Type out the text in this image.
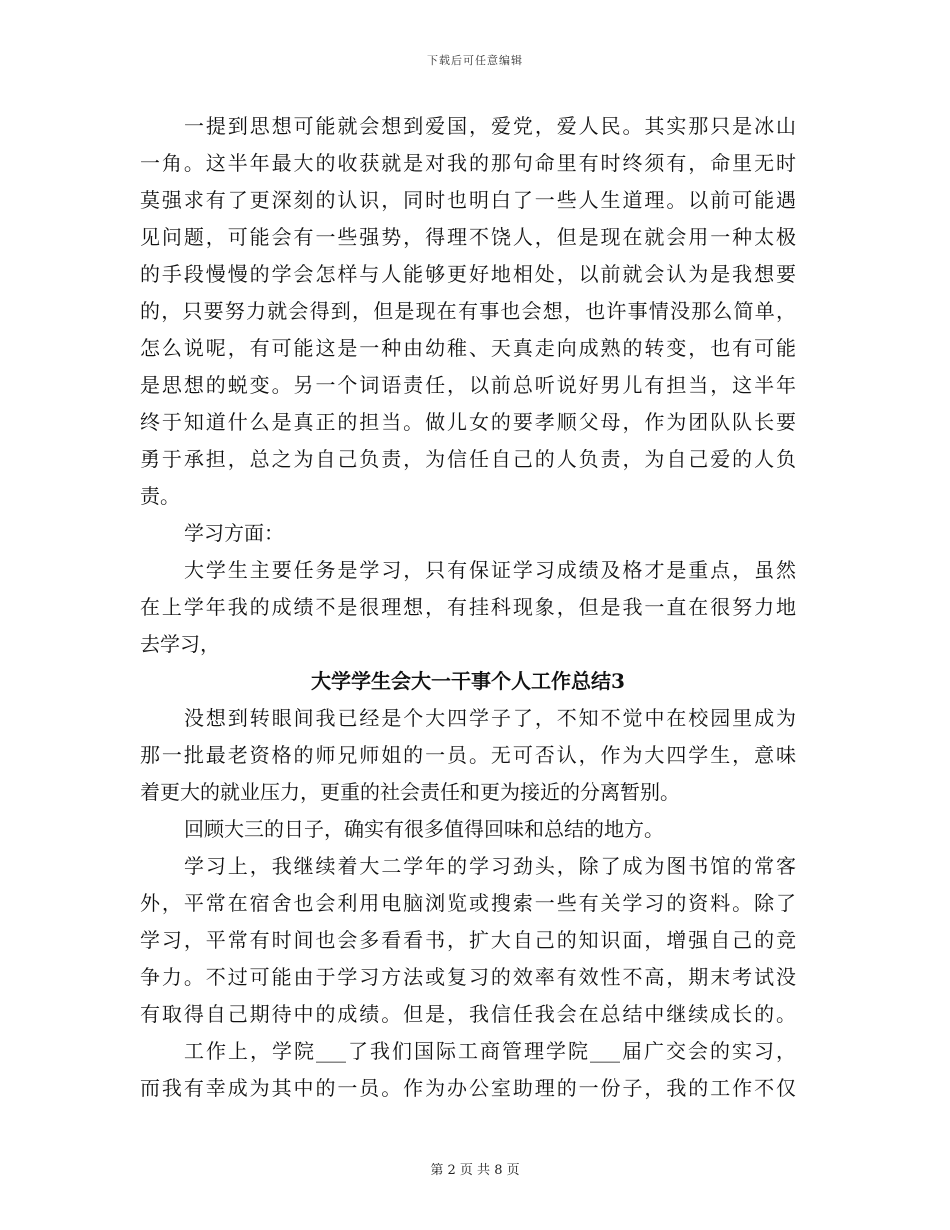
下载后可任意编辑
一提到思想可能就会想到爱国，爱党，爱人民。其实那只是冰山
一角。这半年最大的收获就是对我的那句命里有时终须有，命里无时
莫强求有了更深刻的认识，同时也明白了一些人生道理。以前可能遇
见问题，可能会有一些强势，得理不饶人，但是现在就会用一种太极
的手段慢慢的学会怎样与人能够更好地相处，以前就会认为是我想要
的，只要努力就会得到，但是现在有事也会想，也许事情没那么简单，
怎么说呢，有可能这是一种由幼稚、天真走向成熟的转变，也有可能
是思想的蜕变。另一个词语责任，以前总听说好男儿有担当，这半年
终于知道什么是真正的担当。做儿女的要孝顺父母，作为团队队长要
勇于承担，总之为自己负责，为信任自己的人负责，为自己爱的人负
责。
学习方面：
大学生主要任务是学习，只有保证学习成绩及格才是重点，虽然
在上学年我的成绩不是很理想，有挂科现象，但是我一直在很努力地
去学习，
大学学生会大一干事个人工作总结3
没想到转眼间我已经是个大四学子了，不知不觉中在校园里成为
那一批最老资格的师兄师姐的一员。无可否认，作为大四学生，意味
着更大的就业压力，更重的社会责任和更为接近的分离暂别。
回顾大三的日子，确实有很多值得回味和总结的地方。
学习上，我继续着大二学年的学习劲头，除了成为图书馆的常客
外，平常在宿舍也会利用电脑浏览或搜索一些有关学习的资料。除了
学习，平常有时间也会多看看书，扩大自己的知识面，增强自己的竞
争力。不过可能由于学习方法或复习的效率有效性不高，期末考试没
有取得自己期待中的成绩。但是，我信任我会在总结中继续成长的。
工作上，学院___了我们国际工商管理学院___届广交会的实习，
而我有幸成为其中的一员。作为办公室助理的一份子，我的工作不仅
第 2 页 共 8 页
